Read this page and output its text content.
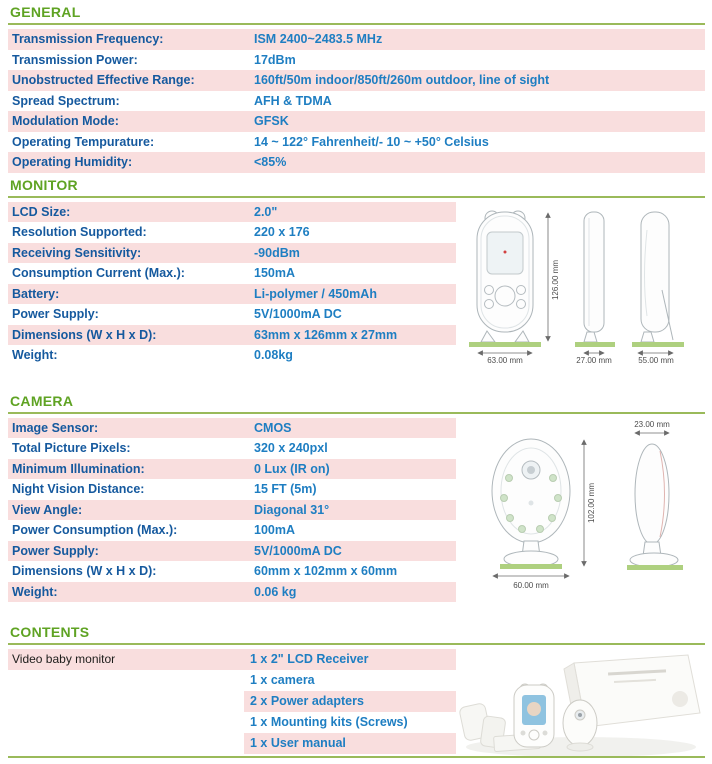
GENERAL
Transmission Frequency:	ISM 2400~2483.5 MHz
Transmission Power:	17dBm
Unobstructed Effective Range:	160ft/50m indoor/850ft/260m outdoor, line of sight
Spread Spectrum:	AFH & TDMA
Modulation Mode:	GFSK
Operating Tempurature:	14 ~ 122° Fahrenheit/- 10 ~ +50° Celsius
Operating Humidity:	<85%
MONITOR
LCD Size:	2.0"
Resolution Supported:	220 x 176
Receiving Sensitivity:	-90dBm
Consumption Current (Max.):	150mA
Battery:	Li-polymer / 450mAh
Power Supply:	5V/1000mA DC
Dimensions (W x H x D):	63mm x 126mm x 27mm
Weight:	0.08kg	63.00 mm
126.00 mm
27.00 mm	55.00 mm
CAMERA
Image Sensor:	CMOS
Total Picture Pixels:	320 x 240pxl
Minimum Illumination:	0 Lux (IR on)
Night Vision Distance:	15 FT (5m)
View Angle:	Diagonal 31°
Power Consumption (Max.):	100mA
Power Supply:	5V/1000mA DC
Dimensions (W x H x D):	60mm x 102mm x 60mm
Weight:	0.06 kg	60.00 mm
102.00 mm
23.00 mm
CONTENTS
Video baby monitor	1 x 2" LCD Receiver
1 x camera
2 x Power adapters
1 x Mounting kits (Screws)
1 x User manual
